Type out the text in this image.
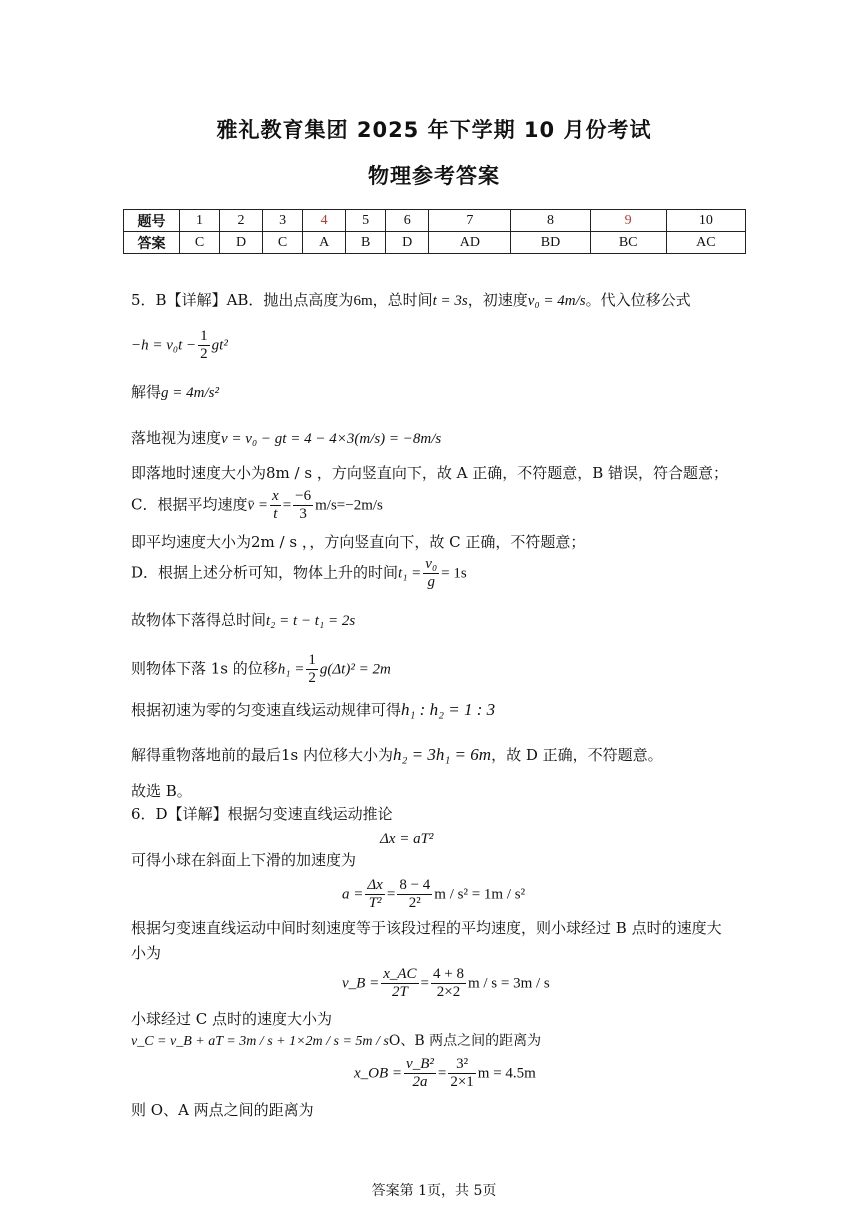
雅礼教育集团 2025 年下学期 10 月份考试
物理参考答案
题号	1	2	3	4	5	6	7	8	9	10
答案	C	D	C	A	B	D	AD	BD	BC	AC
5．B【详解】AB．抛出点高度为6m，总时间t = 3s，初速度v₀ = 4m/s。代入位移公式
$-h = v_0t - \frac{1}{2} gt^2$
解得g = 4m/s²
落地视为速度v = v₀ − gt = 4 − 4×3(m/s) = −8m/s
即落地时速度大小为8m / s ，方向竖直向下，故 A 正确，不符题意，B 错误，符合题意；
C．根据平均速度v̄ = $\frac{x}{t} = \frac{-6}{3} m/s=-2m/s$
即平均速度大小为2m / s ，，方向竖直向下，故 C 正确，不符题意；
D．根据上述分析可知，物体上升的时间$t_1 = \frac{\text{v₀}}{g} = 1s$
故物体下落得总时间t₂ = t − t₁ = 2s
则物体下落 1s 的位移$h_1 = \frac{1}{2} g(\Delta t)^2 = 2m$
根据初速为零的匀变速直线运动规律可得h₁ : h₂ = 1 : 3
解得重物落地前的最后1s 内位移大小为h₂ = 3h₁ = 6m，故 D 正确，不符题意。
故选 B。
6．D【详解】根据匀变速直线运动推论
Δx = aT²
可得小球在斜面上下滑的加速度为
$a = \frac{\Delta x}{\text{T²}} = \frac{8 - 4}{\text{2²}}$ m / s² = 1m / s²
根据匀变速直线运动中间时刻速度等于该段过程的平均速度，则小球经过 B 点时的速度大
小为
v_B = $\frac{x\_AC}{2T} = \frac{4 + 8}{2\times 2}$ m / s = 3m / s
小球经过 C 点时的速度大小为
v_C = v_B + aT = 3m / s + 1×2m / s = 5m / sO、B 两点之间的距离为
x_OB = $\frac{\text{v\_B²}}{2a} = \frac{\text{3²}}{2\times 1}$ m = 4.5m
则 O、A 两点之间的距离为
答案第 1页，共 5页
